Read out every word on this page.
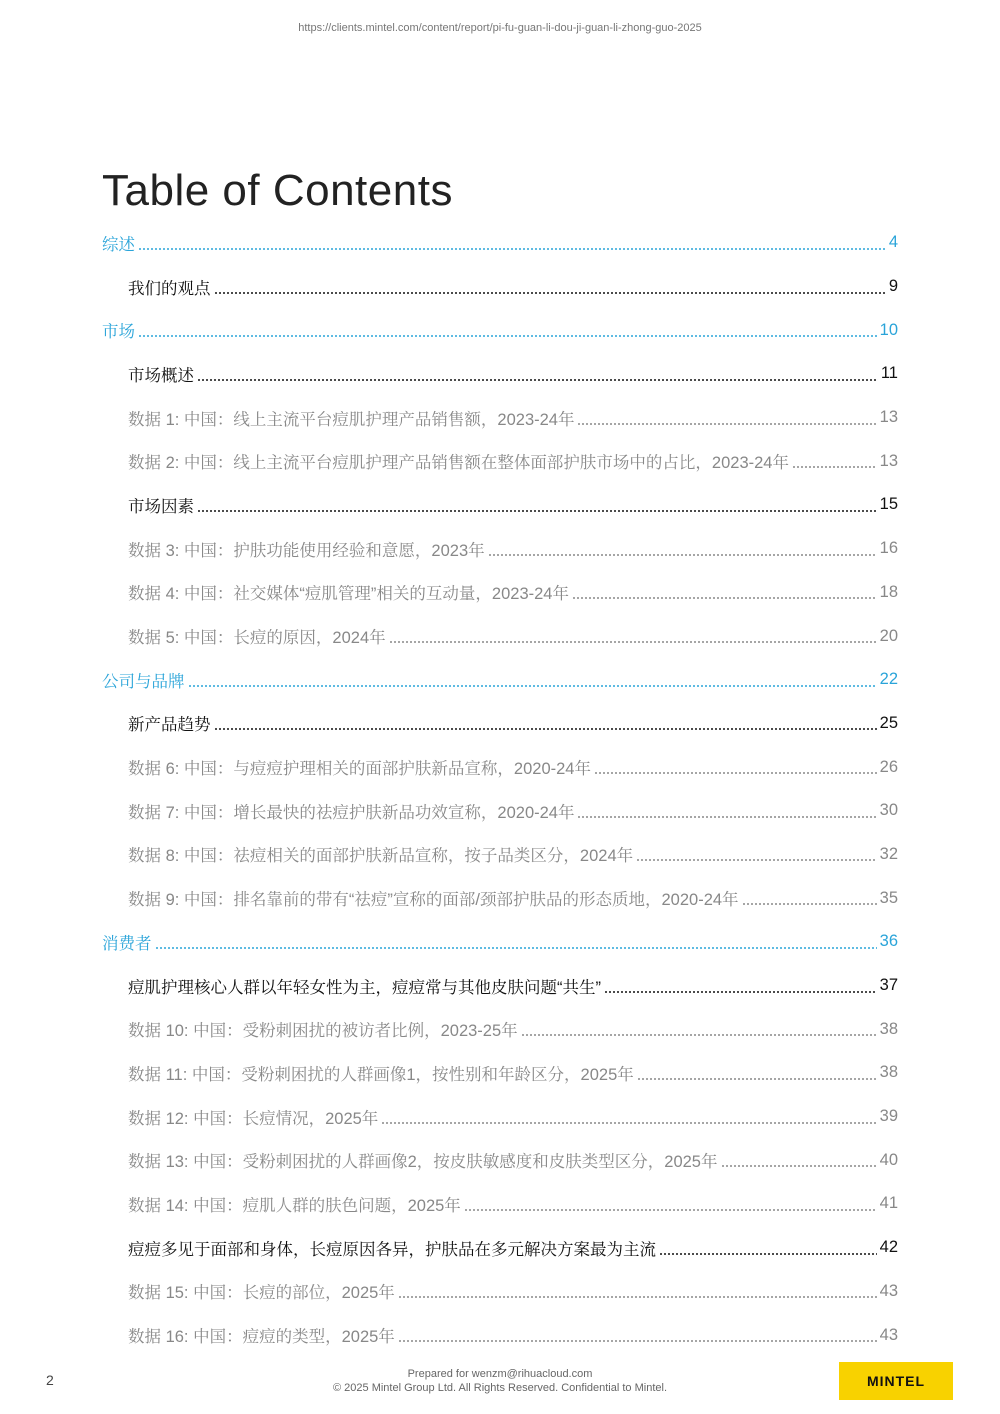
https://clients.mintel.com/content/report/pi-fu-guan-li-dou-ji-guan-li-zhong-guo-2025
Table of Contents
综述	4
我们的观点	9
市场	10
市场概述	11
数据 1: 中国：线上主流平台痘肌护理产品销售额，2023-24年	13
数据 2: 中国：线上主流平台痘肌护理产品销售额在整体面部护肤市场中的占比，2023-24年	13
市场因素	15
数据 3: 中国：护肤功能使用经验和意愿，2023年	16
数据 4: 中国：社交媒体“痘肌管理”相关的互动量，2023-24年	18
数据 5: 中国：长痘的原因，2024年	20
公司与品牌	22
新产品趋势	25
数据 6: 中国：与痘痘护理相关的面部护肤新品宣称，2020-24年	26
数据 7: 中国：增长最快的祛痘护肤新品功效宣称，2020-24年	30
数据 8: 中国：祛痘相关的面部护肤新品宣称，按子品类区分，2024年	32
数据 9: 中国：排名靠前的带有“祛痘”宣称的面部/颈部护肤品的形态质地，2020-24年	35
消费者	36
痘肌护理核心人群以年轻女性为主，痘痘常与其他皮肤问题“共生”	37
数据 10: 中国：受粉刺困扰的被访者比例，2023-25年	38
数据 11: 中国：受粉刺困扰的人群画像1，按性别和年龄区分，2025年	38
数据 12: 中国：长痘情况，2025年	39
数据 13: 中国：受粉刺困扰的人群画像2，按皮肤敏感度和皮肤类型区分，2025年	40
数据 14: 中国：痘肌人群的肤色问题，2025年	41
痘痘多见于面部和身体，长痘原因各异，护肤品在多元解决方案最为主流	42
数据 15: 中国：长痘的部位，2025年	43
数据 16: 中国：痘痘的类型，2025年	43
2	Prepared for wenzm@rihuacloud.com
© 2025 Mintel Group Ltd. All Rights Reserved. Confidential to Mintel.	MINTEL
